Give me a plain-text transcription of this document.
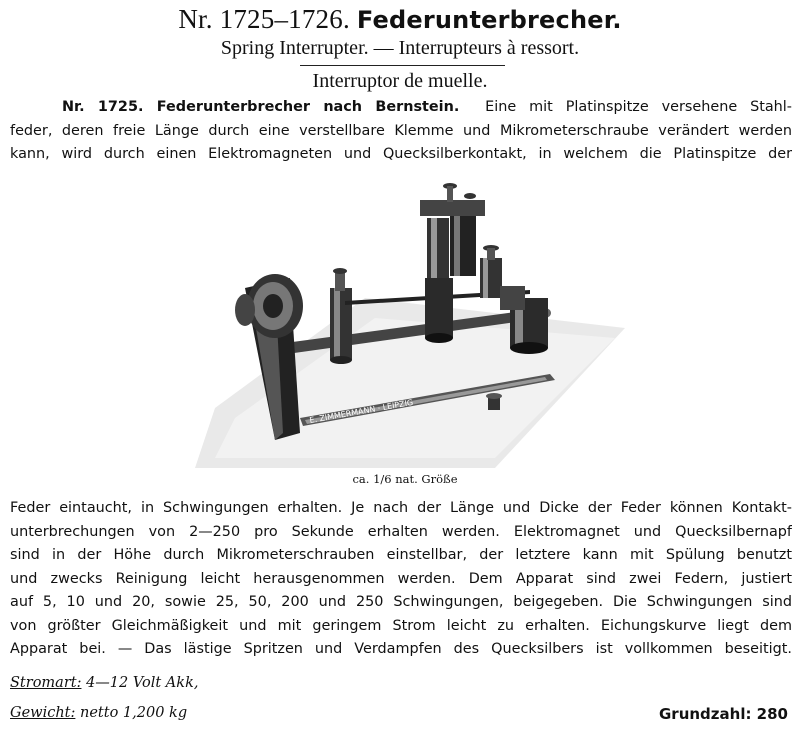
Nr. 1725–1726. Federunterbrecher.
Spring Interrupter. — Interrupteurs à ressort.
Interruptor de muelle.
Nr. 1725. Federunterbrecher nach Bernstein. Eine mit Platinspitze versehene Stahl-
feder, deren freie Länge durch eine verstellbare Klemme und Mikrometerschraube verändert werden
kann, wird durch einen Elektromagneten und Quecksilberkontakt, in welchem die Platinspitze der
E. ZIMMERMANN · LEIPZIG
ca. 1/6 nat. Größe
Feder eintaucht, in Schwingungen erhalten. Je nach der Länge und Dicke der Feder können Kontakt-
unterbrechungen von 2—250 pro Sekunde erhalten werden. Elektromagnet und Quecksilbernapf
sind in der Höhe durch Mikrometerschrauben einstellbar, der letztere kann mit Spülung benutzt
und zwecks Reinigung leicht herausgenommen werden. Dem Apparat sind zwei Federn, justiert
auf 5, 10 und 20, sowie 25, 50, 200 und 250 Schwingungen, beigegeben. Die Schwingungen sind
von größter Gleichmäßigkeit und mit geringem Strom leicht zu erhalten. Eichungskurve liegt dem
Apparat bei. — Das lästige Spritzen und Verdampfen des Quecksilbers ist vollkommen beseitigt.
Stromart: 4—12 Volt Akk,
Gewicht: netto 1,200 kg	Grundzahl: 280
